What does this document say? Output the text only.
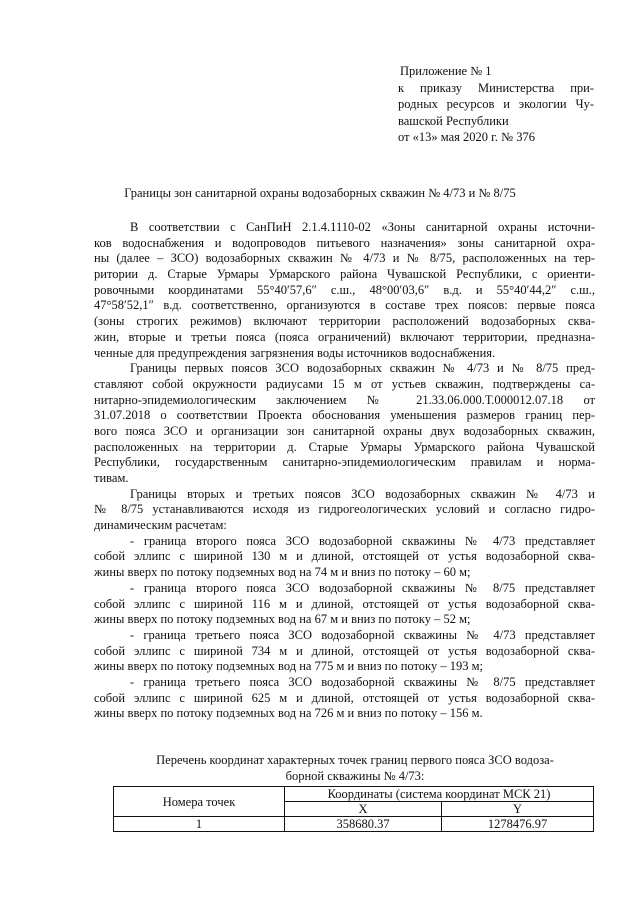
Приложение № 1
к приказу Министерства при-
родных ресурсов и экологии Чу-
вашской Республики
от «13» мая 2020 г. № 376
Границы зон санитарной охраны водозаборных скважин № 4/73 и № 8/75
В соответствии с СанПиН 2.1.4.1110-02 «Зоны санитарной охраны источни-
ков водоснабжения и водопроводов питьевого назначения» зоны санитарной охра-
ны (далее – ЗСО) водозаборных скважин № 4/73 и № 8/75, расположенных на тер-
ритории д. Старые Урмары Урмарского района Чувашской Республики, с ориенти-
ровочными координатами 55°40′57,6″ с.ш., 48°00′03,6″ в.д. и 55°40′44,2″ с.ш.,
47°58′52,1″ в.д. соответственно, организуются в составе трех поясов: первые пояса
(зоны строгих режимов) включают территории расположений водозаборных сква-
жин, вторые и третьи пояса (пояса ограничений) включают территории, предназна-
ченные для предупреждения загрязнения воды источников водоснабжения.
Границы первых поясов ЗСО водозаборных скважин № 4/73 и № 8/75 пред-
ставляют собой окружности радиусами 15 м от устьев скважин, подтверждены са-
нитарно-эпидемиологическим заключением № 21.33.06.000.Т.000012.07.18 от
31.07.2018 о соответствии Проекта обоснования уменьшения размеров границ пер-
вого пояса ЗСО и организации зон санитарной охраны двух водозаборных скважин,
расположенных на территории д. Старые Урмары Урмарского района Чувашской
Республики, государственным санитарно-эпидемиологическим правилам и норма-
тивам.
Границы вторых и третьих поясов ЗСО водозаборных скважин № 4/73 и
№ 8/75 устанавливаются исходя из гидрогеологических условий и согласно гидро-
динамическим расчетам:
- граница второго пояса ЗСО водозаборной скважины № 4/73 представляет
собой эллипс с шириной 130 м и длиной, отстоящей от устья водозаборной сква-
жины вверх по потоку подземных вод на 74 м и вниз по потоку – 60 м;
- граница второго пояса ЗСО водозаборной скважины № 8/75 представляет
собой эллипс с шириной 116 м и длиной, отстоящей от устья водозаборной сква-
жины вверх по потоку подземных вод на 67 м и вниз по потоку – 52 м;
- граница третьего пояса ЗСО водозаборной скважины № 4/73 представляет
собой эллипс с шириной 734 м и длиной, отстоящей от устья водозаборной сква-
жины вверх по потоку подземных вод на 775 м и вниз по потоку – 193 м;
- граница третьего пояса ЗСО водозаборной скважины № 8/75 представляет
собой эллипс с шириной 625 м и длиной, отстоящей от устья водозаборной сква-
жины вверх по потоку подземных вод на 726 м и вниз по потоку – 156 м.
Перечень координат характерных точек границ первого пояса ЗСО водоза-
борной скважины № 4/73:
Номера точек	Координаты (система координат МСК 21)	
	X	Y
1	358680.37	1278476.97
